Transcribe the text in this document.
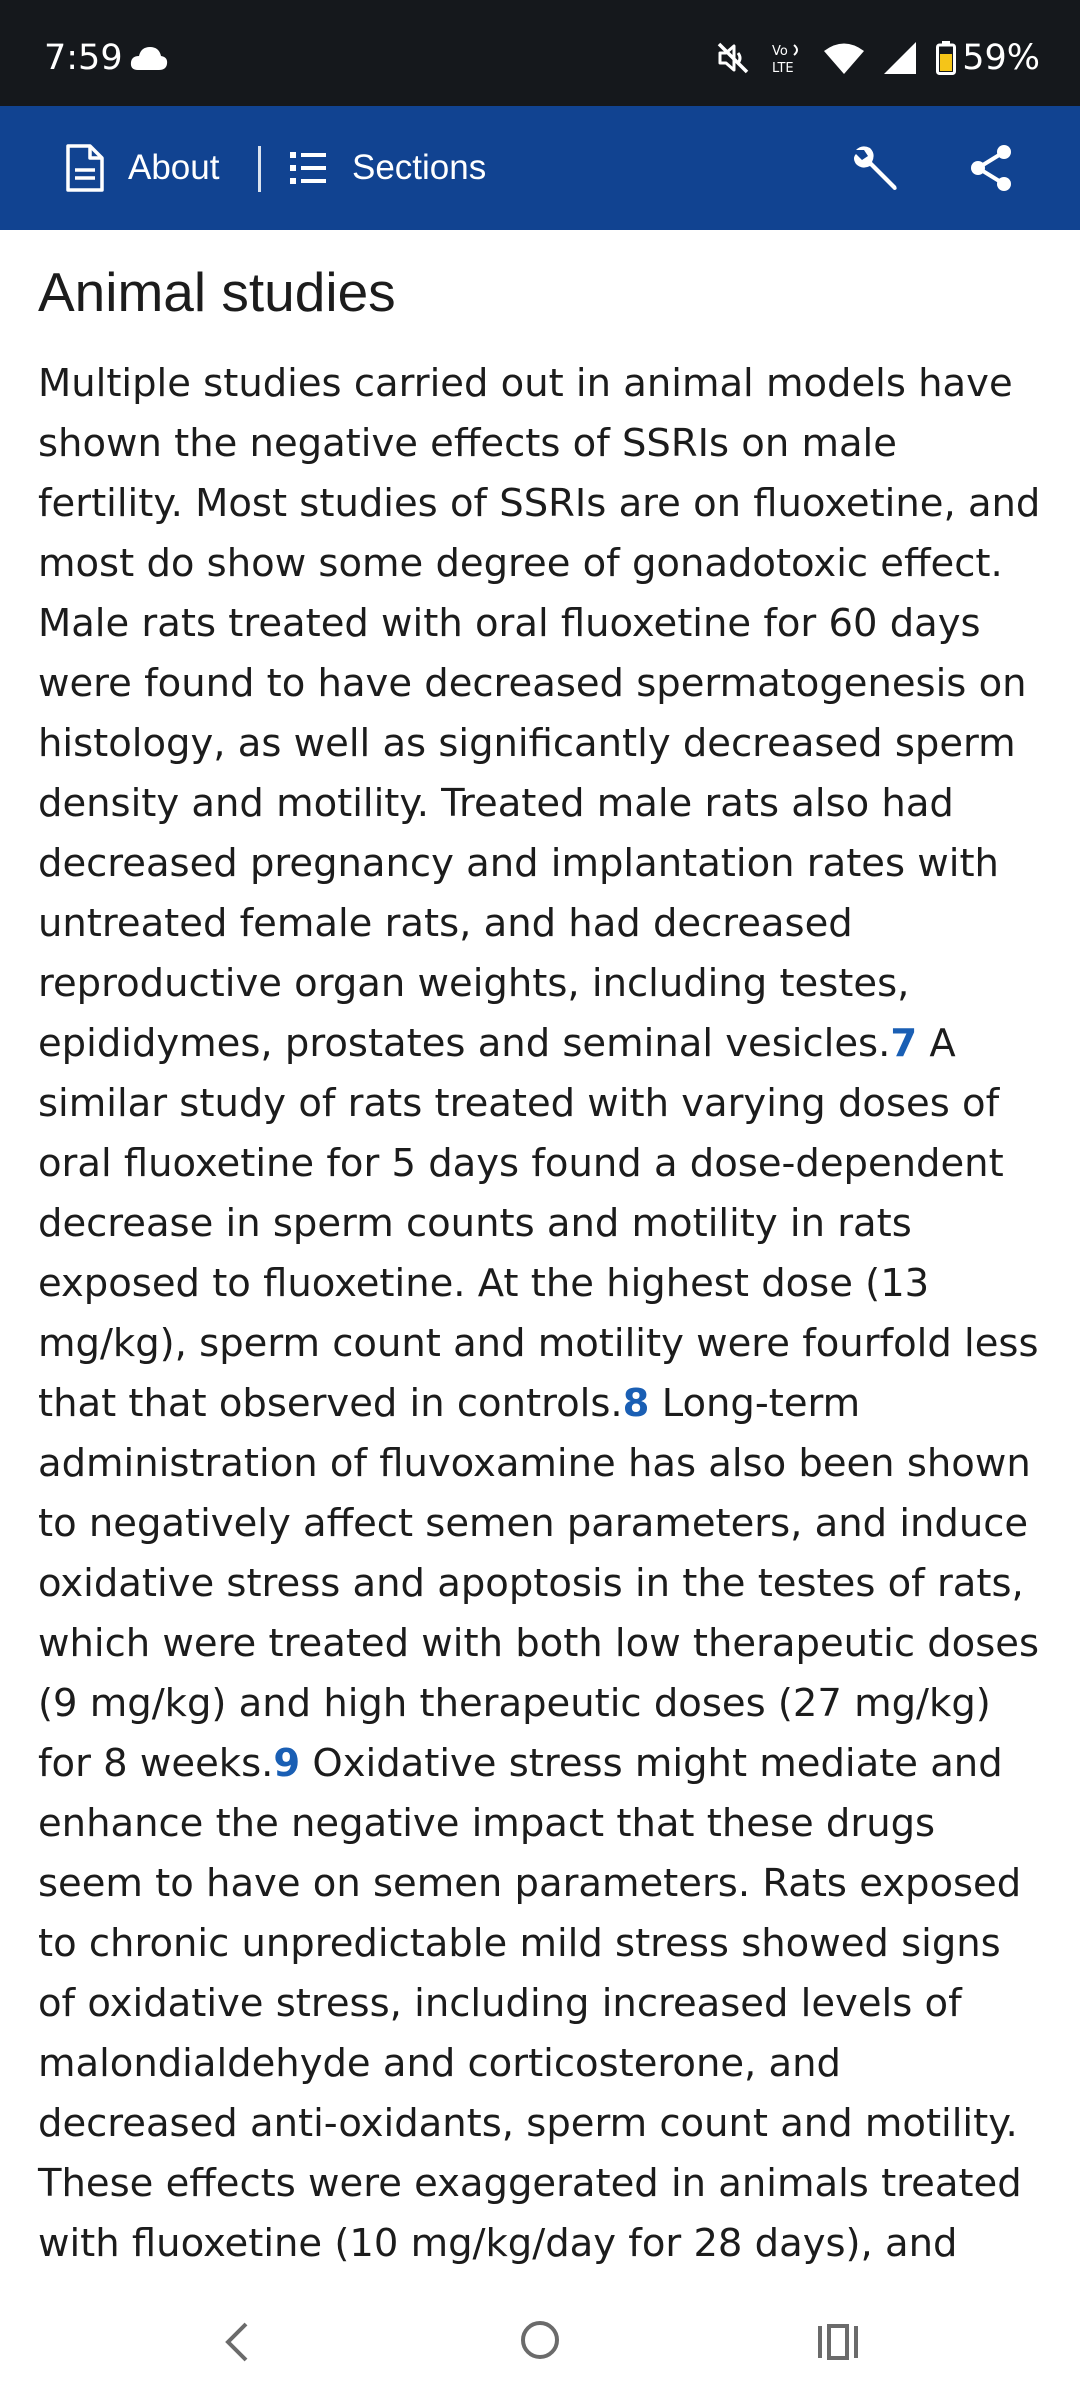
7:59	Vo
LTE	59%
About	Sections
Animal studies

Multiple studies carried out in animal models have shown the negative effects of SSRIs on male fertility. Most studies of SSRIs are on fluoxetine, and most do show some degree of gonadotoxic effect. Male rats treated with oral fluoxetine for 60 days were found to have decreased spermatogenesis on histology, as well as significantly decreased sperm density and motility. Treated male rats also had decreased pregnancy and implantation rates with untreated female rats, and had decreased reproductive organ weights, including testes, epididymes, prostates and seminal vesicles.7 A similar study of rats treated with varying doses of oral fluoxetine for 5 days found a dose-dependent decrease in sperm counts and motility in rats exposed to fluoxetine. At the highest dose (13 mg/kg), sperm count and motility were fourfold less that that observed in controls.8 Long-term administration of fluvoxamine has also been shown to negatively affect semen parameters, and induce oxidative stress and apoptosis in the testes of rats, which were treated with both low therapeutic doses (9 mg/kg) and high therapeutic doses (27 mg/kg) for 8 weeks.9 Oxidative stress might mediate and enhance the negative impact that these drugs seem to have on semen parameters. Rats exposed to chronic unpredictable mild stress showed signs of oxidative stress, including increased levels of malondialdehyde and corticosterone, and decreased anti-oxidants, sperm count and motility. These effects were exaggerated in animals treated with fluoxetine (10 mg/kg/day for 28 days), and
